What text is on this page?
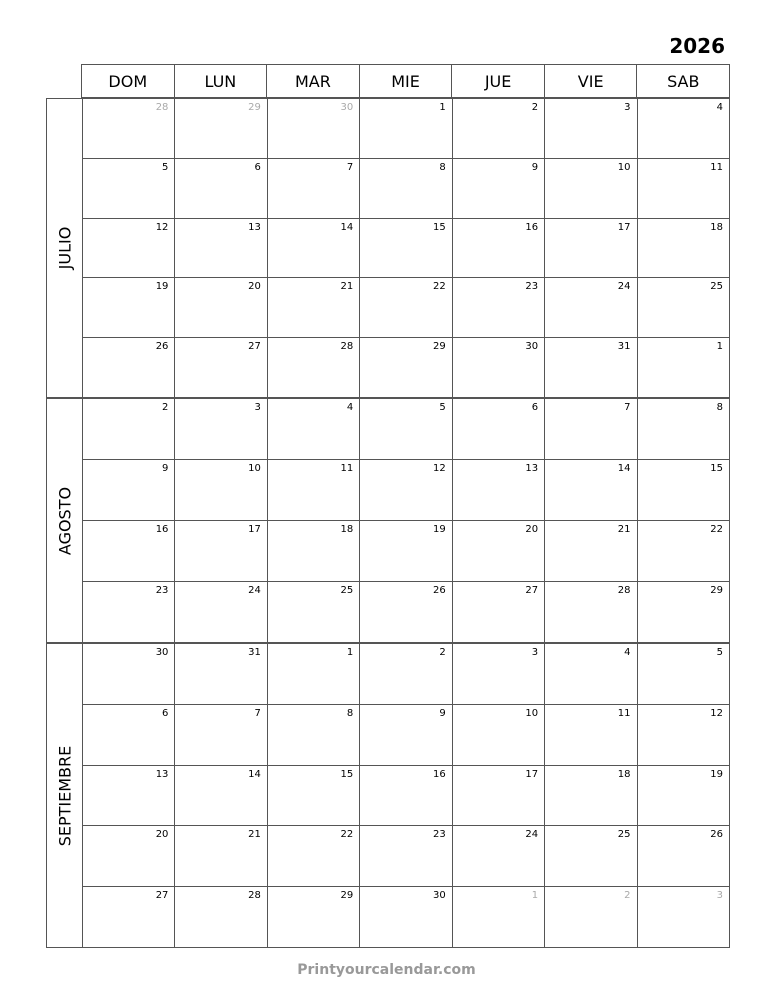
2026
DOM	LUN	MAR	MIE	JUE	VIE	SAB
JULIO
28	29	30	1	2	3	4
5	6	7	8	9	10	11
12	13	14	15	16	17	18
19	20	21	22	23	24	25
26	27	28	29	30	31	1
AGOSTO
2	3	4	5	6	7	8
9	10	11	12	13	14	15
16	17	18	19	20	21	22
23	24	25	26	27	28	29
SEPTIEMBRE
30	31	1	2	3	4	5
6	7	8	9	10	11	12
13	14	15	16	17	18	19
20	21	22	23	24	25	26
27	28	29	30	1	2	3
Printyourcalendar.com
